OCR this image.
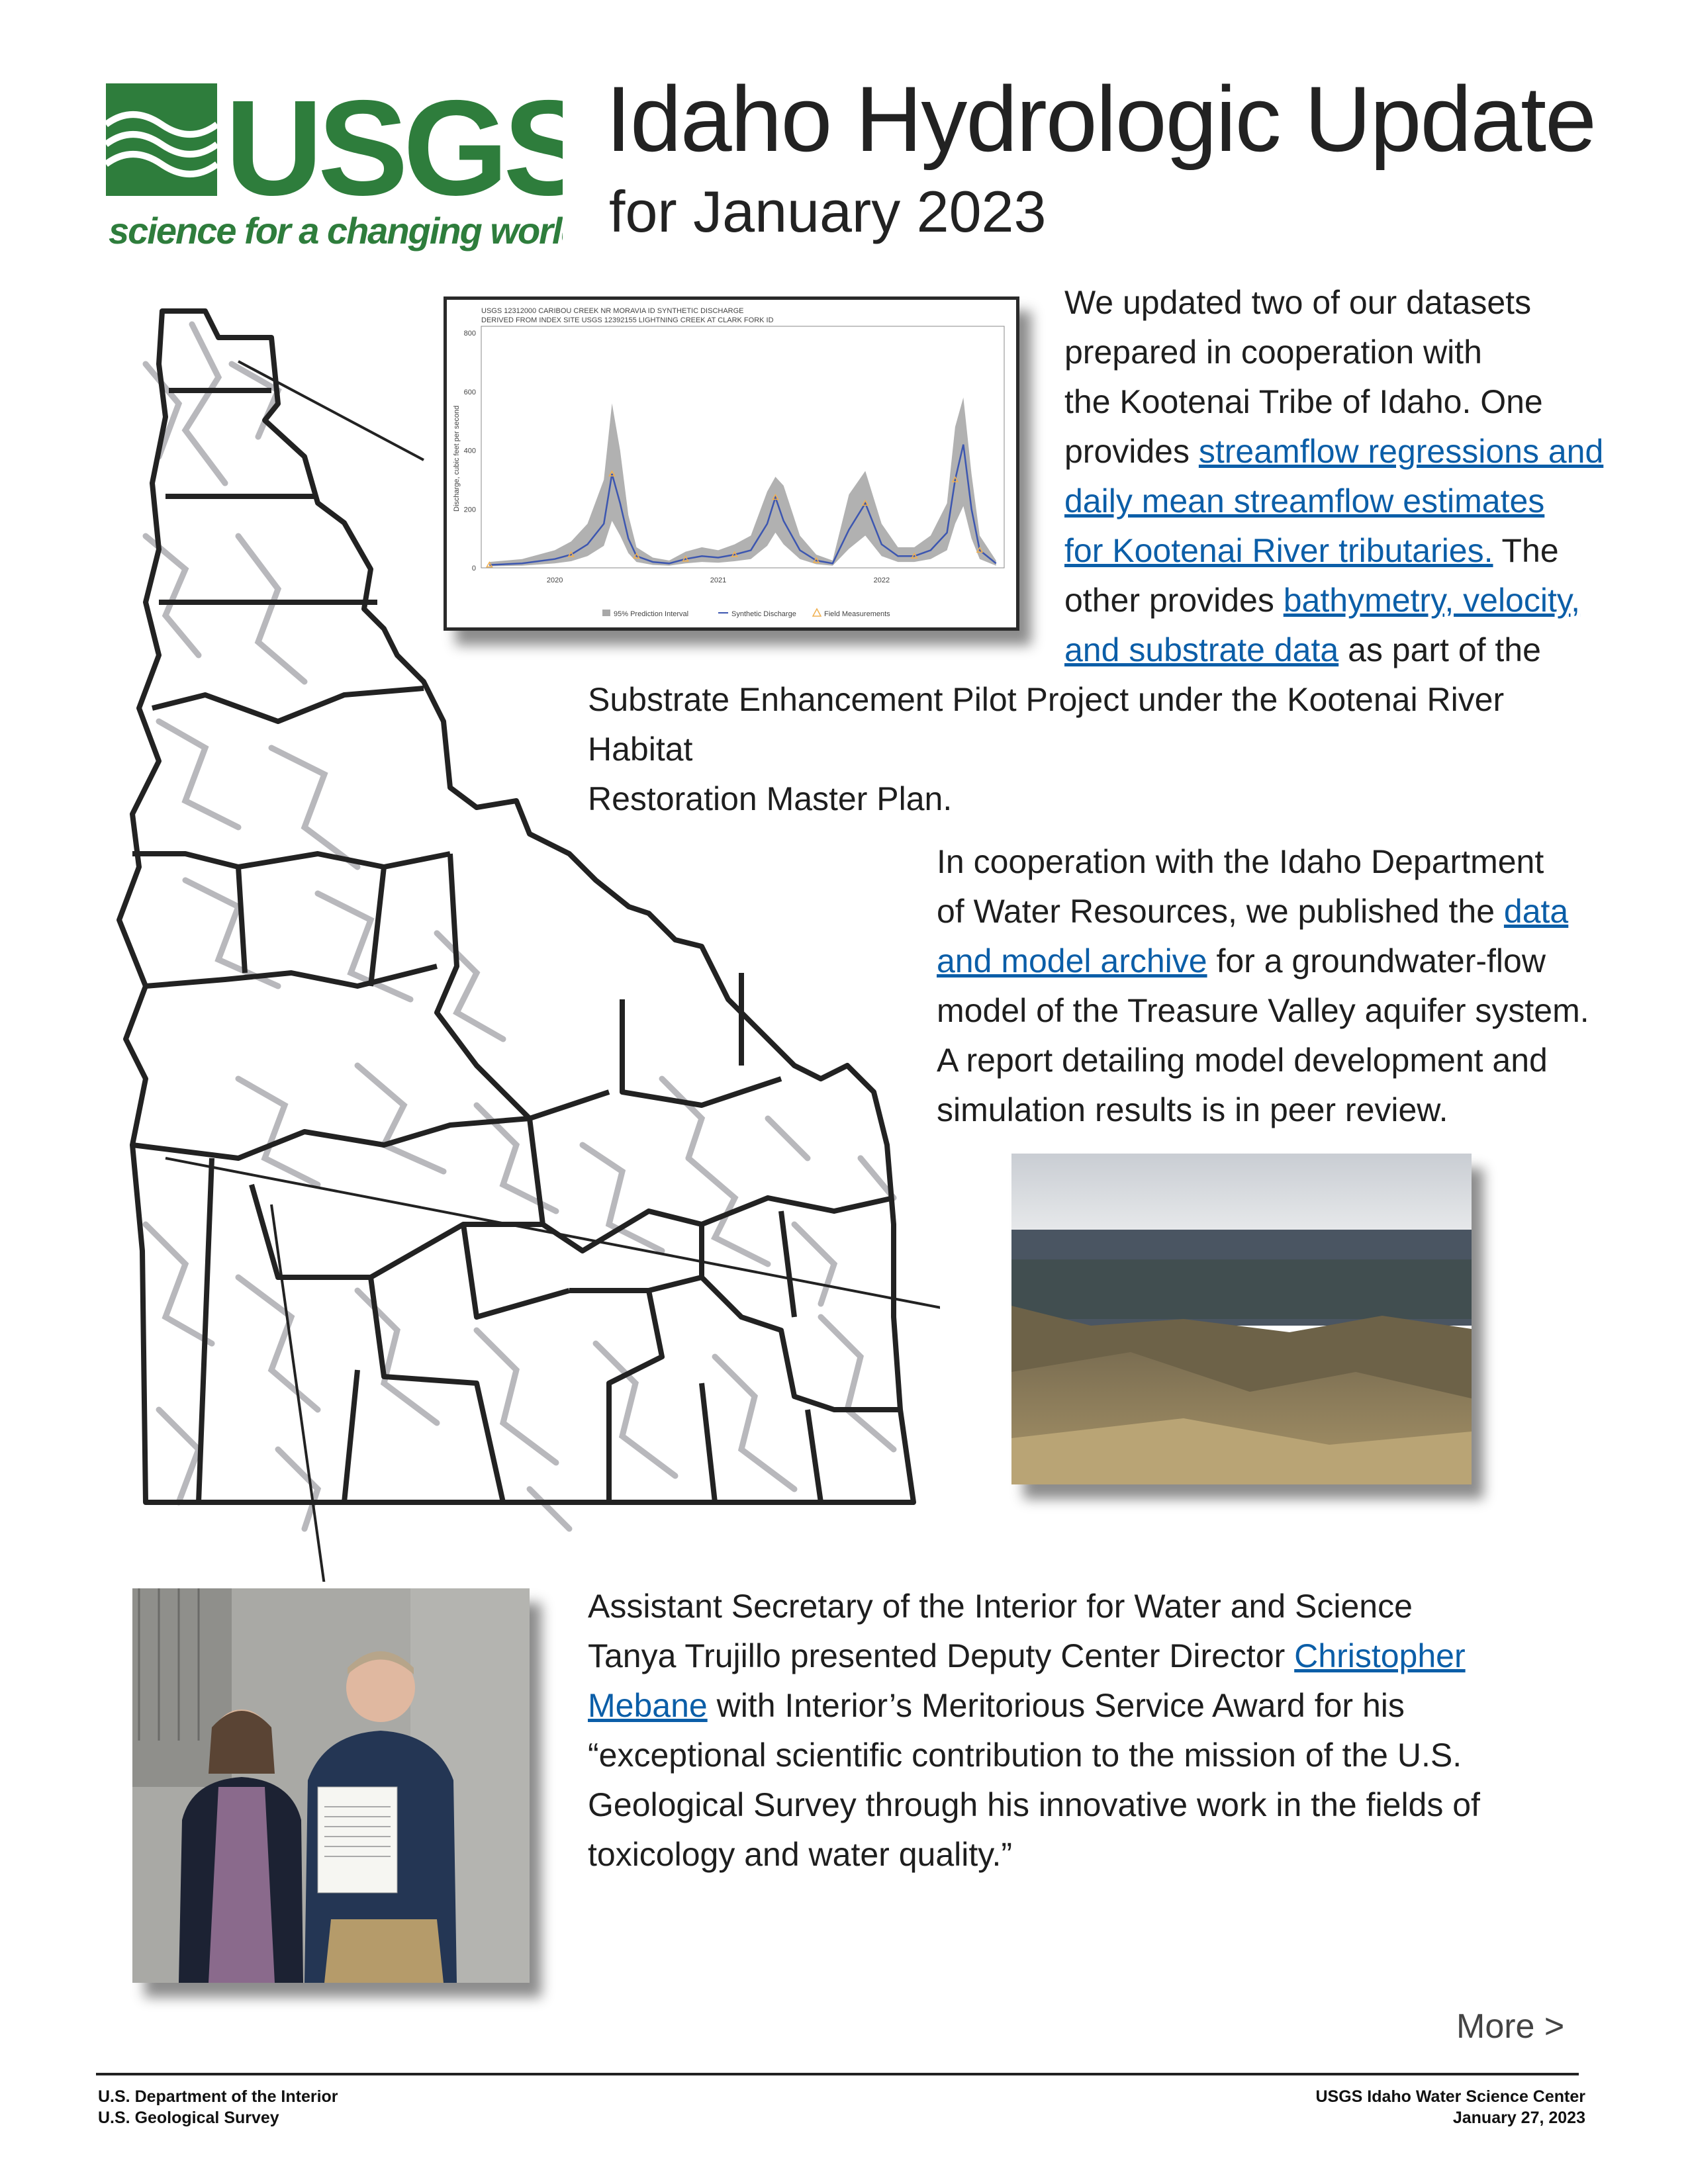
USGS
science for a changing world
Idaho Hydrologic Update
for January 2023
USGS 12312000 CARIBOU CREEK NR MORAVIA ID SYNTHETIC DISCHARGE
DERIVED FROM INDEX SITE USGS 12392155 LIGHTNING CREEK AT CLARK FORK ID
Discharge, cubic feet per second
0
200
400
600
800
2020	2021	2022
95% Prediction Interval	Synthetic Discharge	Field Measurements
We updated two of our datasets
prepared in cooperation with
the Kootenai Tribe of Idaho. One
provides streamflow regressions and
daily mean streamflow estimates
for Kootenai River tributaries. The
other provides bathymetry, velocity,
and substrate data as part of the
Substrate Enhancement Pilot Project under the Kootenai River Habitat
Restoration Master Plan.
In cooperation with the Idaho Department
of Water Resources, we published the data
and model archive for a groundwater-flow
model of the Treasure Valley aquifer system.
A report detailing model development and
simulation results is in peer review.
Assistant Secretary of the Interior for Water and Science
Tanya Trujillo presented Deputy Center Director Christopher
Mebane with Interior’s Meritorious Service Award for his
“exceptional scientific contribution to the mission of the U.S.
Geological Survey through his innovative work in the fields of
toxicology and water quality.”
More >
U.S. Department of the Interior
U.S. Geological Survey
USGS Idaho Water Science Center
January 27, 2023
